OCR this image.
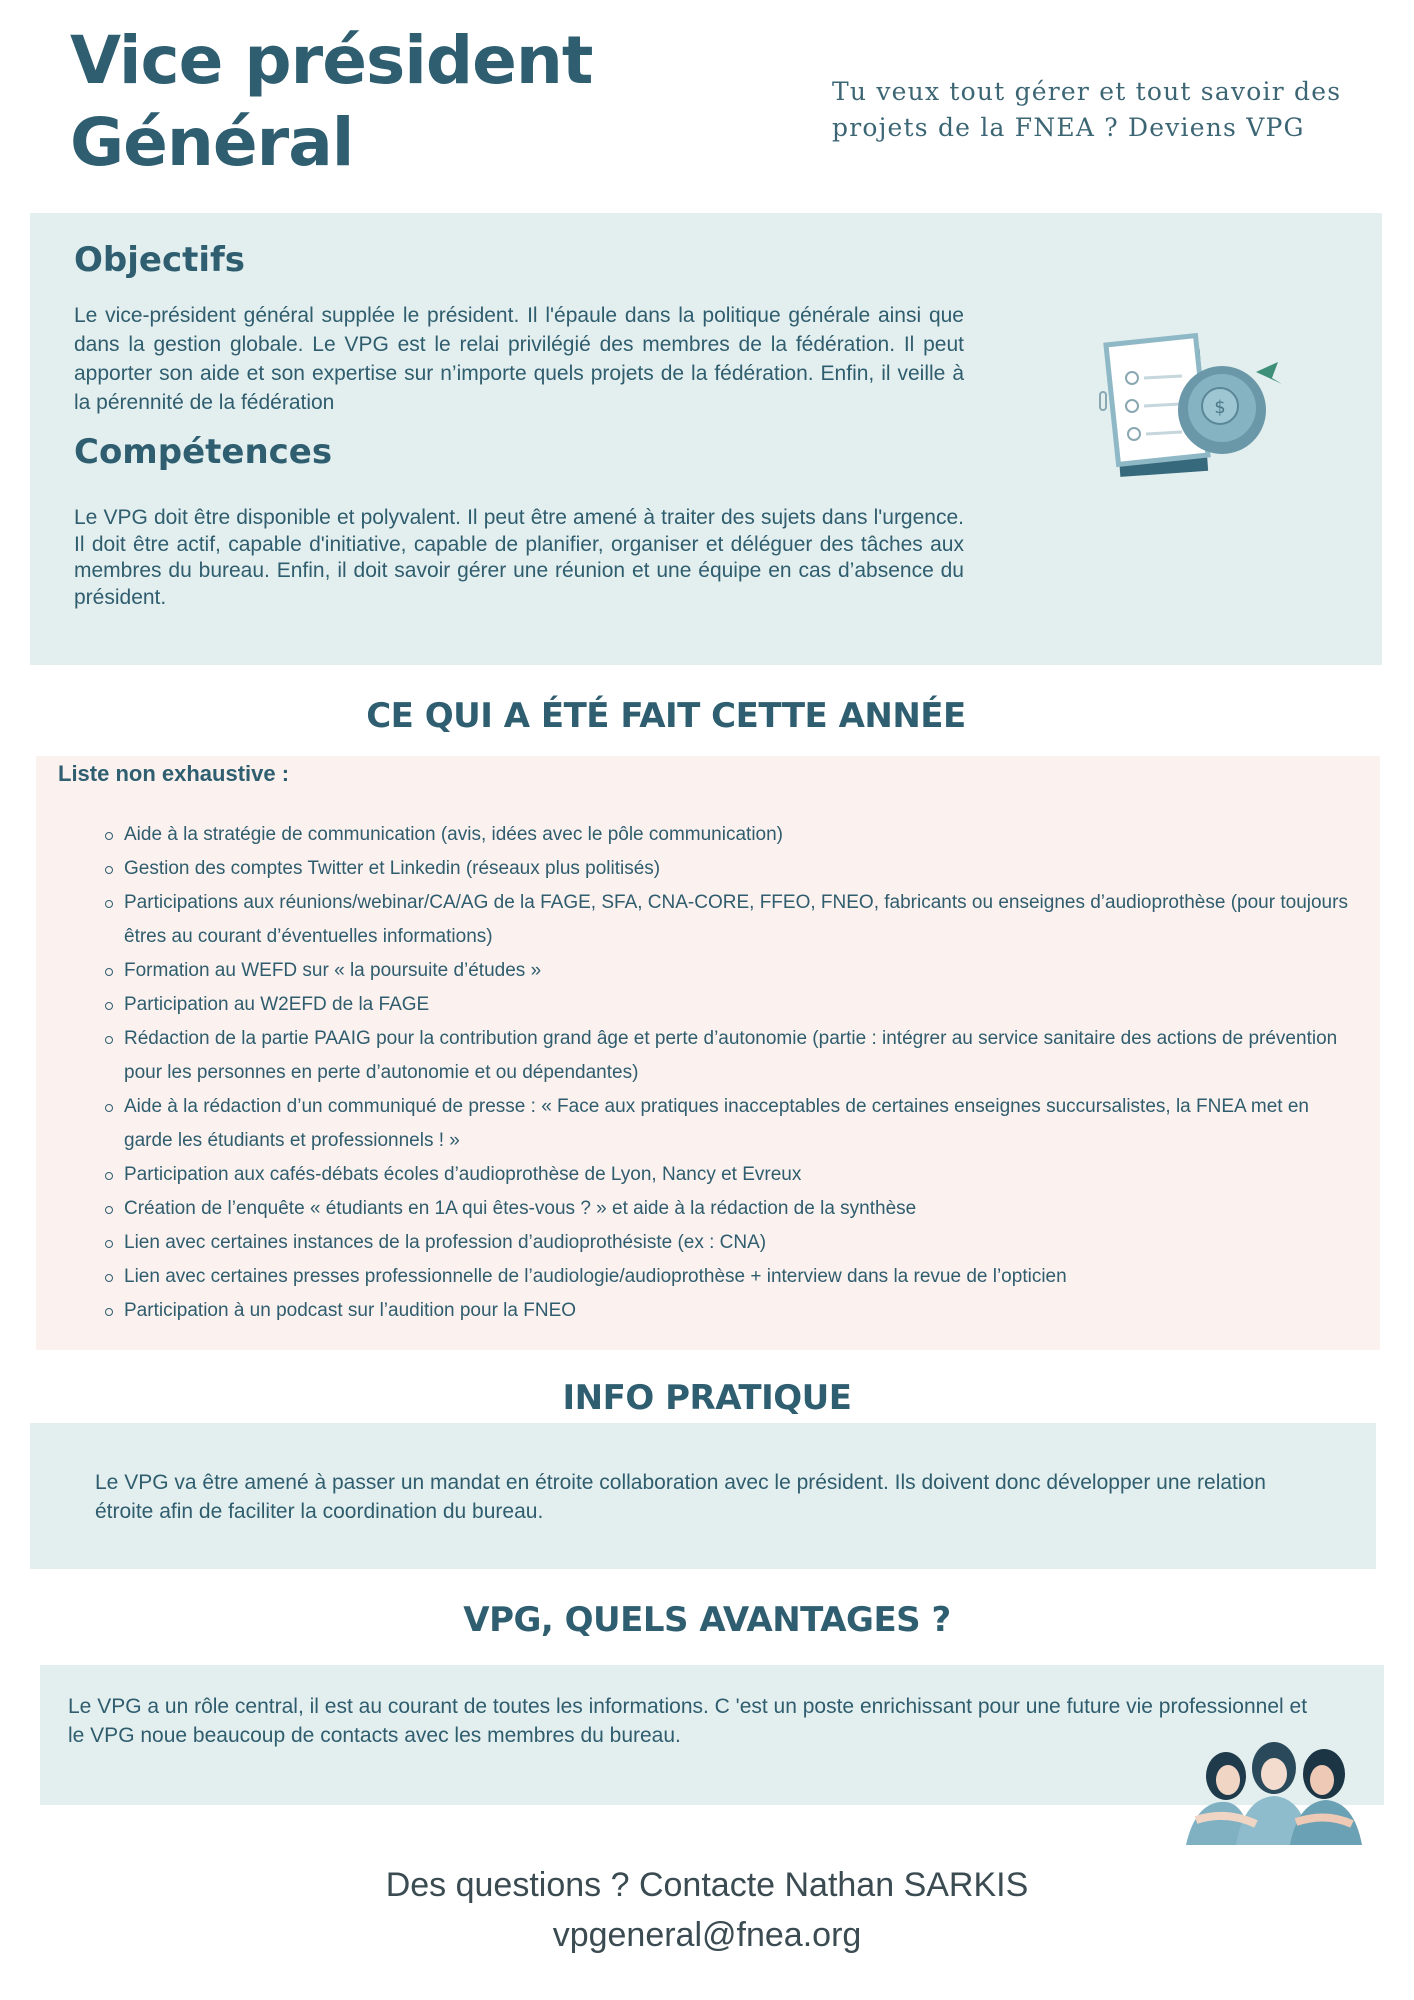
Vice président
Général
Tu veux tout gérer et tout savoir des
projets de la FNEA ? Deviens VPG
Objectifs
Le vice-président général supplée le président. Il l'épaule dans la politique générale ainsi que dans la gestion globale. Le VPG est le relai privilégié des membres de la fédération. Il peut apporter son aide et son expertise sur n’importe quels projets de la fédération. Enfin, il veille à la pérennité de la fédération
Compétences
Le VPG doit être disponible et polyvalent. Il peut être amené à traiter des sujets dans l'urgence. Il doit être actif, capable d'initiative, capable de planifier, organiser et déléguer des tâches aux membres du bureau. Enfin, il doit savoir gérer une réunion et une équipe en cas d’absence du président.
$
CE QUI A ÉTÉ FAIT CETTE ANNÉE
Liste non exhaustive :
Aide à la stratégie de communication (avis, idées avec le pôle communication)
Gestion des comptes Twitter et Linkedin (réseaux plus politisés)
Participations aux réunions/webinar/CA/AG de la FAGE, SFA, CNA-CORE, FFEO, FNEO, fabricants ou enseignes d’audioprothèse (pour toujours êtres au courant d’éventuelles informations)
Formation au WEFD sur « la poursuite d’études »
Participation au W2EFD de la FAGE
Rédaction de la partie PAAIG pour la contribution grand âge et perte d’autonomie (partie : intégrer au service sanitaire des actions de prévention pour les personnes en perte d’autonomie et ou dépendantes)
Aide à la rédaction d’un communiqué de presse : « Face aux pratiques inacceptables de certaines enseignes succursalistes, la FNEA met en garde les étudiants et professionnels ! »
Participation aux cafés-débats écoles d’audioprothèse de Lyon, Nancy et Evreux
Création de l’enquête « étudiants en 1A qui êtes-vous ? » et aide à la rédaction de la synthèse
Lien avec certaines instances de la profession d’audioprothésiste (ex : CNA)
Lien avec certaines presses professionnelle de l’audiologie/audioprothèse + interview dans la revue de l’opticien
Participation à un podcast sur l’audition pour la FNEO
INFO PRATIQUE
Le VPG va être amené à passer un mandat en étroite collaboration avec le président. Ils doivent donc développer une relation étroite afin de faciliter la coordination du bureau.
VPG, QUELS AVANTAGES ?
Le VPG a un rôle central, il est au courant de toutes les informations. C 'est un poste enrichissant pour une future vie professionnel et le VPG noue beaucoup de contacts avec les membres du bureau.
Des questions ? Contacte Nathan SARKIS
vpgeneral@fnea.org
